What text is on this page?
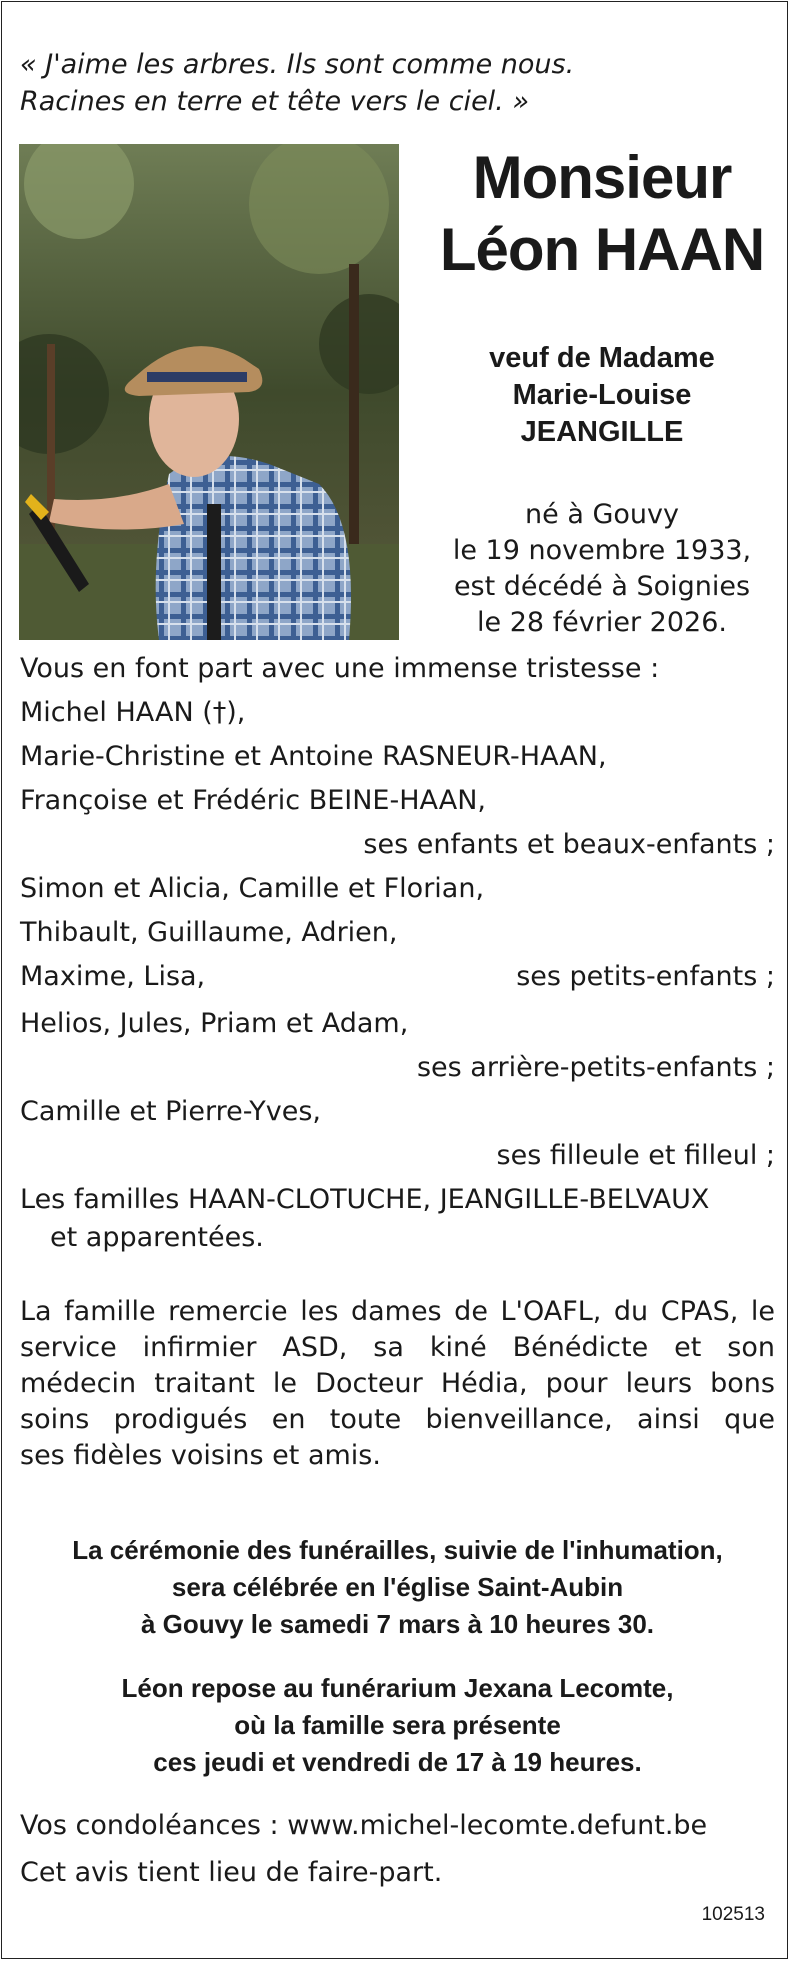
« J'aime les arbres. Ils sont comme nous.
Racines en terre et tête vers le ciel. »
Monsieur
Léon HAAN
veuf de Madame
Marie-Louise
JEANGILLE
né à Gouvy
le 19 novembre 1933,
est décédé à Soignies
le 28 février 2026.
Vous en font part avec une immense tristesse :
Michel HAAN (†),
Marie-Christine et Antoine RASNEUR-HAAN,
Françoise et Frédéric BEINE-HAAN,
ses enfants et beaux-enfants ;
Simon et Alicia, Camille et Florian,
Thibault, Guillaume, Adrien,
Maxime, Lisa,	ses petits-enfants ;
Helios, Jules, Priam et Adam,
ses arrière-petits-enfants ;
Camille et Pierre-Yves,
ses filleule et filleul ;
Les familles HAAN-CLOTUCHE, JEANGILLE-BELVAUX
et apparentées.
La famille remercie les dames de L'OAFL, du CPAS, le
service infirmier ASD, sa kiné Bénédicte et son
médecin traitant le Docteur Hédia, pour leurs bons
soins prodigués en toute bienveillance, ainsi que
ses fidèles voisins et amis.
La cérémonie des funérailles, suivie de l'inhumation,
sera célébrée en l'église Saint-Aubin
à Gouvy le samedi 7 mars à 10 heures 30.
Léon repose au funérarium Jexana Lecomte,
où la famille sera présente
ces jeudi et vendredi de 17 à 19 heures.
Vos condoléances : www.michel-lecomte.defunt.be
Cet avis tient lieu de faire-part.
102513
